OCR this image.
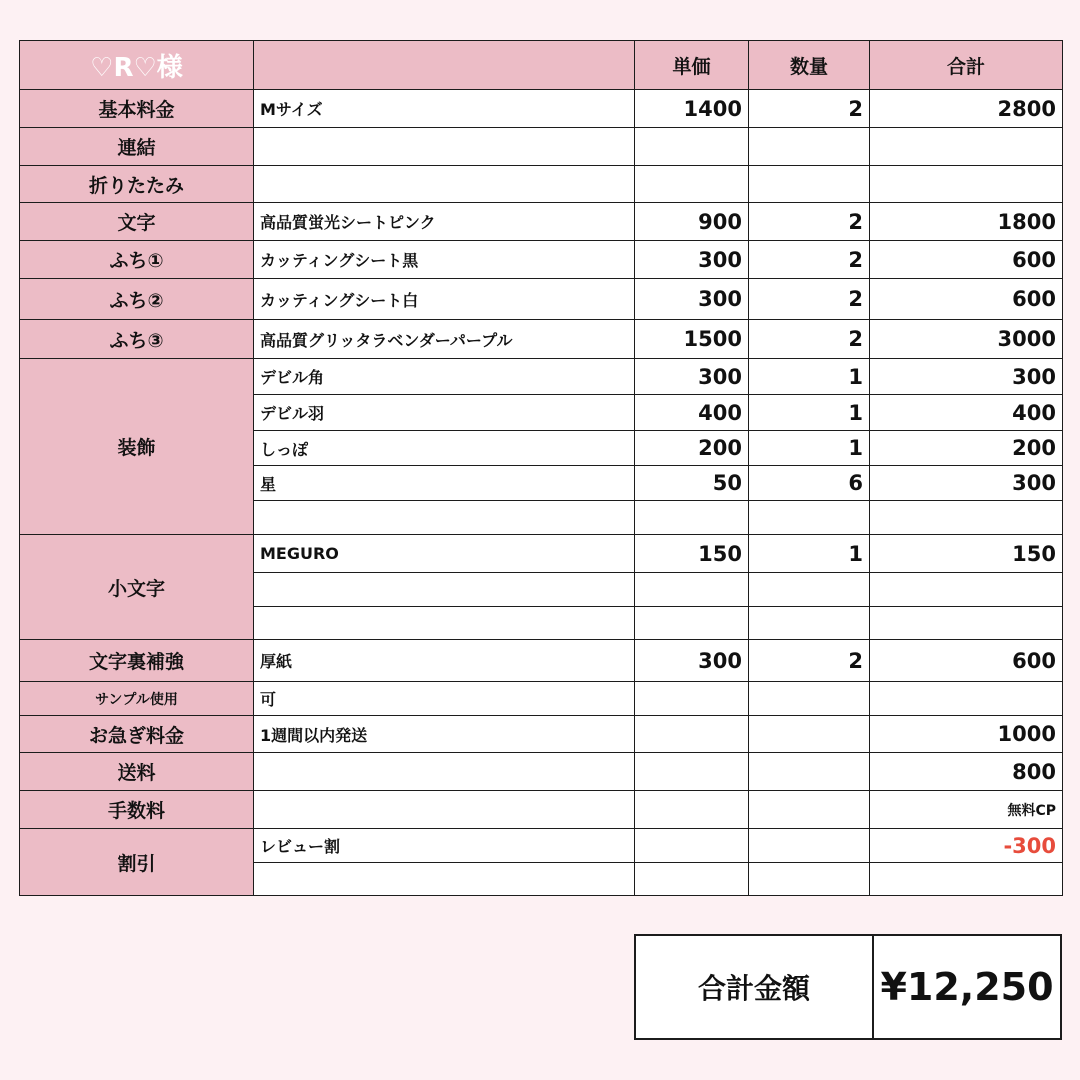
♡R♡様		単価	数量	合計
基本料金	Mサイズ	1400	2	2800
連結				
折りたたみ				
文字	高品質蛍光シートピンク	900	2	1800
ふち①	カッティングシート黒	300	2	600
ふち②	カッティングシート白	300	2	600
ふち③	高品質グリッタラベンダーパープル	1500	2	3000
装飾	デビル角	300	1	300
	デビル羽	400	1	400
	しっぽ	200	1	200
	星	50	6	300

小文字	MEGURO	150	1	150

文字裏補強	厚紙	300	2	600
サンプル使用	可			
お急ぎ料金	1週間以内発送			1000
送料				800
手数料				無料CP
割引	レビュー割			-300

合計金額	¥12,250
